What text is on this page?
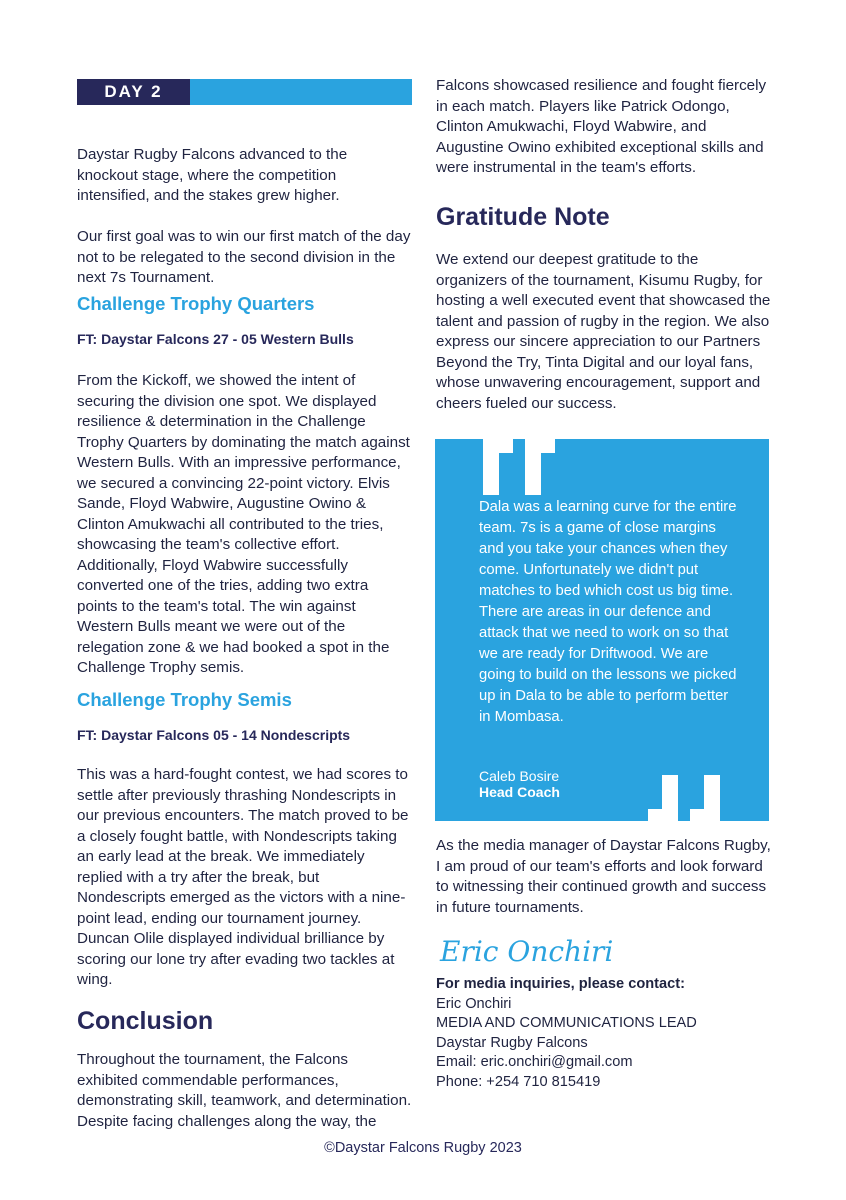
DAY 2

Daystar Rugby Falcons advanced to the knockout stage, where the competition intensified, and the stakes grew higher.

Our first goal was to win our first match of the day not to be relegated to the second division in the next 7s Tournament.

Challenge Trophy Quarters
FT: Daystar Falcons 27 - 05 Western Bulls

From the Kickoff, we showed the intent of securing the division one spot. We displayed resilience & determination in the Challenge Trophy Quarters by dominating the match against Western Bulls. With an impressive performance, we secured a convincing 22-point victory. Elvis Sande, Floyd Wabwire, Augustine Owino & Clinton Amukwachi all contributed to the tries, showcasing the team's collective effort. Additionally, Floyd Wabwire successfully converted one of the tries, adding two extra points to the team's total. The win against Western Bulls meant we were out of the relegation zone & we had booked a spot in the Challenge Trophy semis.

Challenge Trophy Semis
FT: Daystar Falcons 05 - 14 Nondescripts

This was a hard-fought contest, we had scores to settle after previously thrashing Nondescripts in our previous encounters. The match proved to be a closely fought battle, with Nondescripts taking an early lead at the break. We immediately replied with a try after the break, but Nondescripts emerged as the victors with a nine-point lead, ending our tournament journey. Duncan Olile displayed individual brilliance by scoring our lone try after evading two tackles at wing.

Conclusion

Throughout the tournament, the Falcons exhibited commendable performances, demonstrating skill, teamwork, and determination. Despite facing challenges along the way, the

Falcons showcased resilience and fought fiercely in each match. Players like Patrick Odongo, Clinton Amukwachi, Floyd Wabwire, and Augustine Owino exhibited exceptional skills and were instrumental in the team's efforts.

Gratitude Note

We extend our deepest gratitude to the organizers of the tournament, Kisumu Rugby, for hosting a well executed event that showcased the talent and passion of rugby in the region. We also express our sincere appreciation to our Partners Beyond the Try, Tinta Digital and our loyal fans, whose unwavering encouragement, support and cheers fueled our success.

Dala was a learning curve for the entire team. 7s is a game of close margins and you take your chances when they come. Unfortunately we didn't put matches to bed which cost us big time. There are areas in our defence and attack that we need to work on so that we are ready for Driftwood. We are going to build on the lessons we picked up in Dala to be able to perform better in Mombasa.

Caleb Bosire

Head Coach

As the media manager of Daystar Falcons Rugby, I am proud of our team's efforts and look forward to witnessing their continued growth and success in future tournaments.

Eric Onchiri

For media inquiries, please contact:

Eric Onchiri

MEDIA AND COMMUNICATIONS LEAD

Daystar Rugby Falcons

Email: eric.onchiri@gmail.com

Phone: +254 710 815419

©Daystar Falcons Rugby 2023
